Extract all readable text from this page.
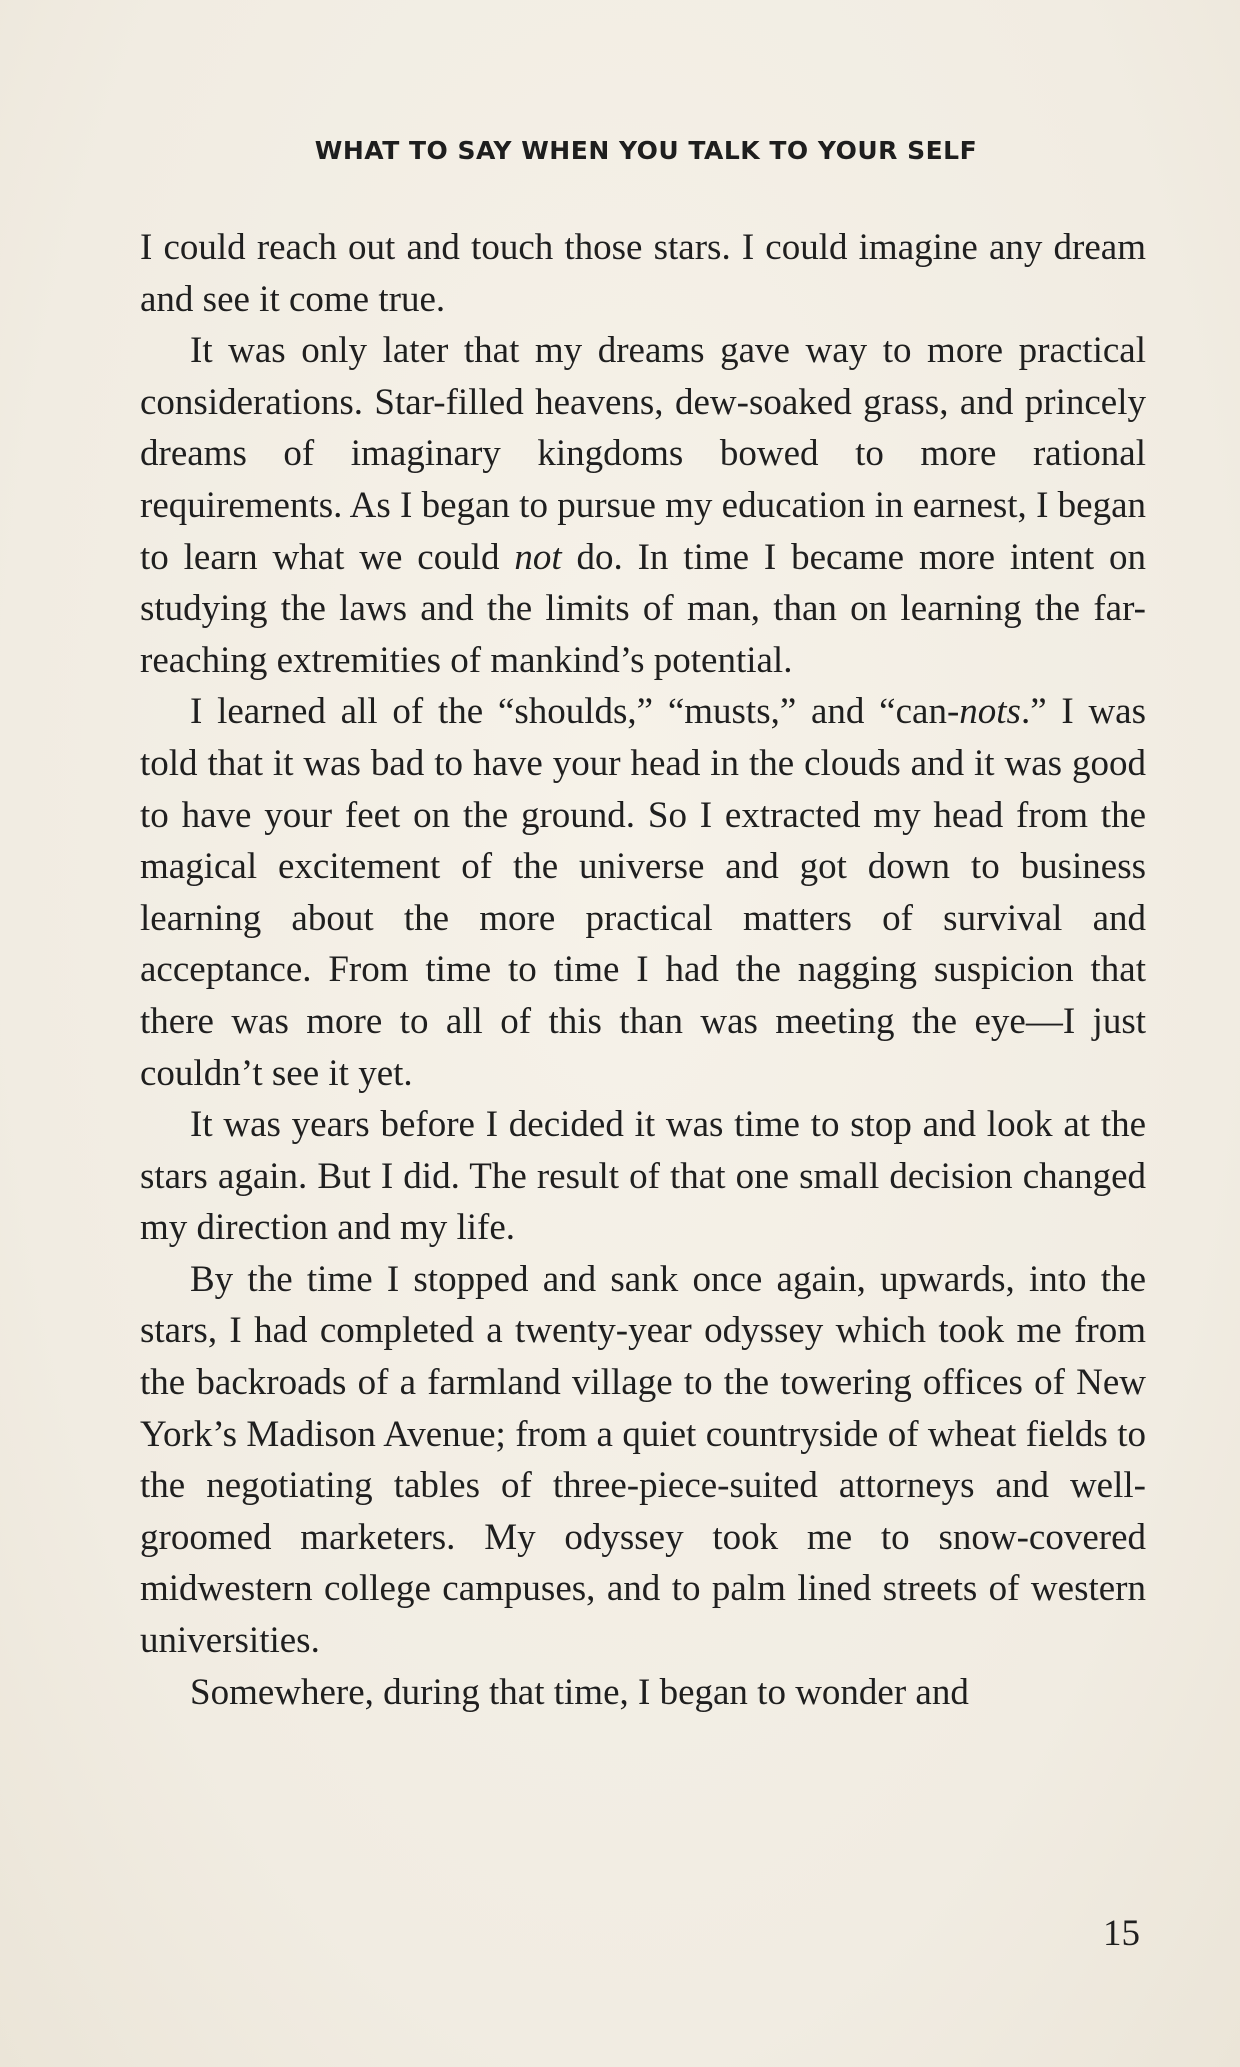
WHAT TO SAY WHEN YOU TALK TO YOUR SELF

I could reach out and touch those stars. I could imagine any dream and see it come true.

It was only later that my dreams gave way to more practical considerations. Star-filled heavens, dew-soaked grass, and princely dreams of imaginary kingdoms bowed to more rational requirements. As I began to pursue my education in earnest, I began to learn what we could not do. In time I became more intent on studying the laws and the limits of man, than on learning the far-reaching extremities of mankind’s potential.

I learned all of the “shoulds,” “musts,” and “can-nots.” I was told that it was bad to have your head in the clouds and it was good to have your feet on the ground. So I extracted my head from the magical excitement of the universe and got down to business learning about the more practical matters of survival and acceptance. From time to time I had the nagging suspicion that there was more to all of this than was meeting the eye—I just couldn’t see it yet.

It was years before I decided it was time to stop and look at the stars again. But I did. The result of that one small decision changed my direction and my life.

By the time I stopped and sank once again, upwards, into the stars, I had completed a twenty-year odyssey which took me from the backroads of a farmland village to the towering offices of New York’s Madison Avenue; from a quiet countryside of wheat fields to the negotiating tables of three-piece-suited attorneys and well-groomed marketers. My odyssey took me to snow-covered midwestern college campuses, and to palm lined streets of western universities.

Somewhere, during that time, I began to wonder and

15
